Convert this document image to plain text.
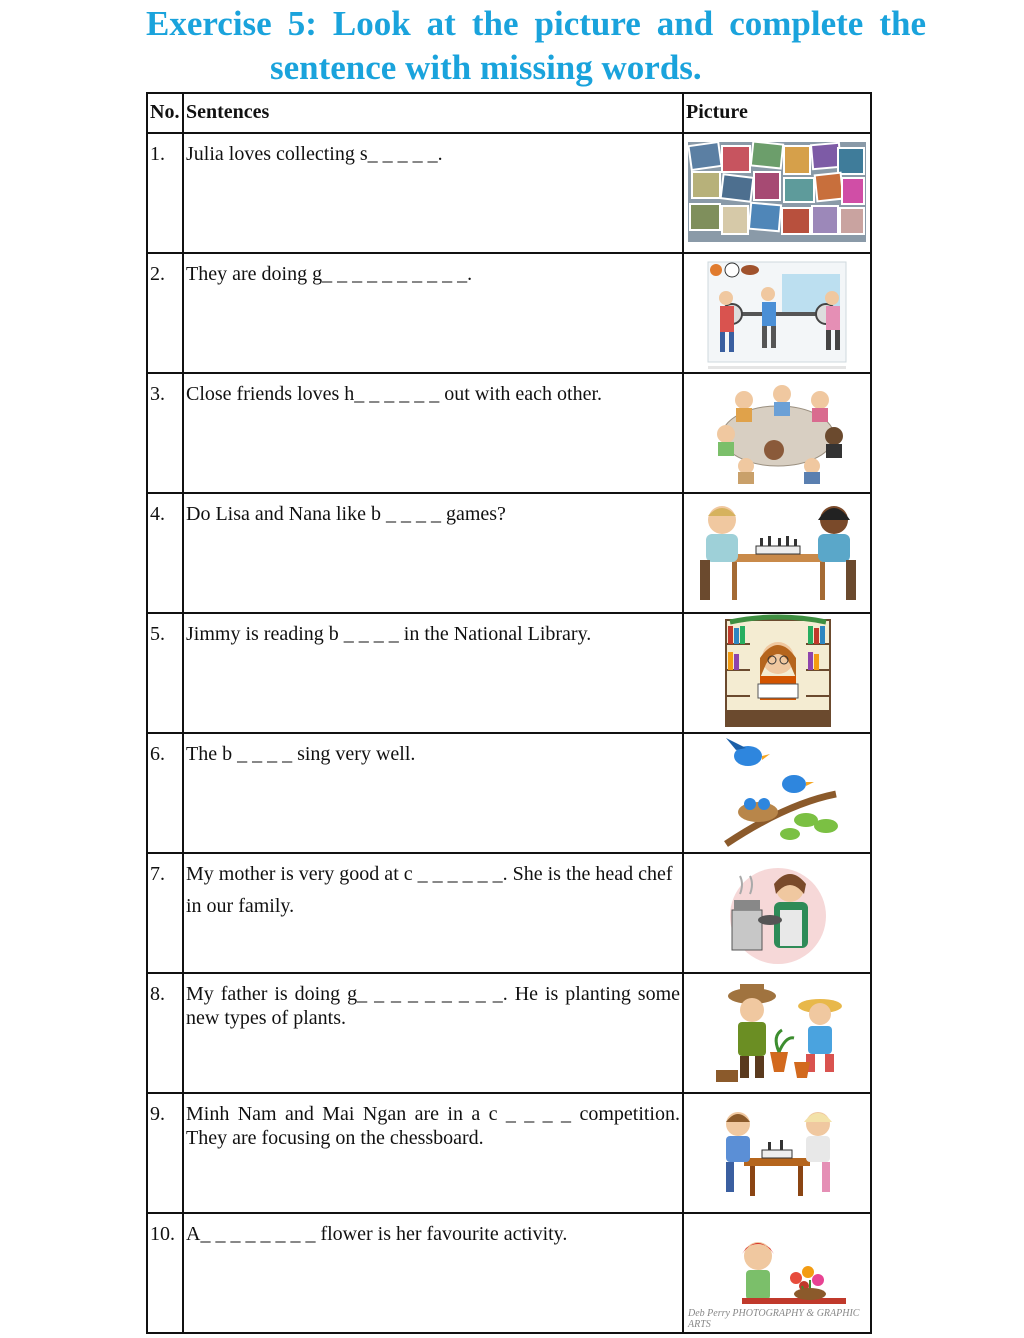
Exercise 5: Look at the picture and complete the
sentence with missing words.
No.	Sentences	Picture

1.	Julia loves collecting s_ _ _ _ _.

2.	They are doing g_ _ _ _ _ _ _ _ _ _.

3.	Close friends loves h_ _ _ _ _ _ out with each other.

4.	Do Lisa and Nana like b _ _ _ _ games?

5.	Jimmy is reading b _ _ _ _ in the National Library.

6.	The b _ _ _ _ sing very well.

7.	My mother is very good at c _ _ _ _ _ _. She is the head chef in our family.

8.	My father is doing g_ _ _ _ _ _ _ _ _. He is planting some new types of plants.

9.	Minh Nam and Mai Ngan are in a c _ _ _ _ competition. They are focusing on the chessboard.

10.	A_ _ _ _ _ _ _ _ flower is her favourite activity.	Deb Perry PHOTOGRAPHY & GRAPHIC ARTS
